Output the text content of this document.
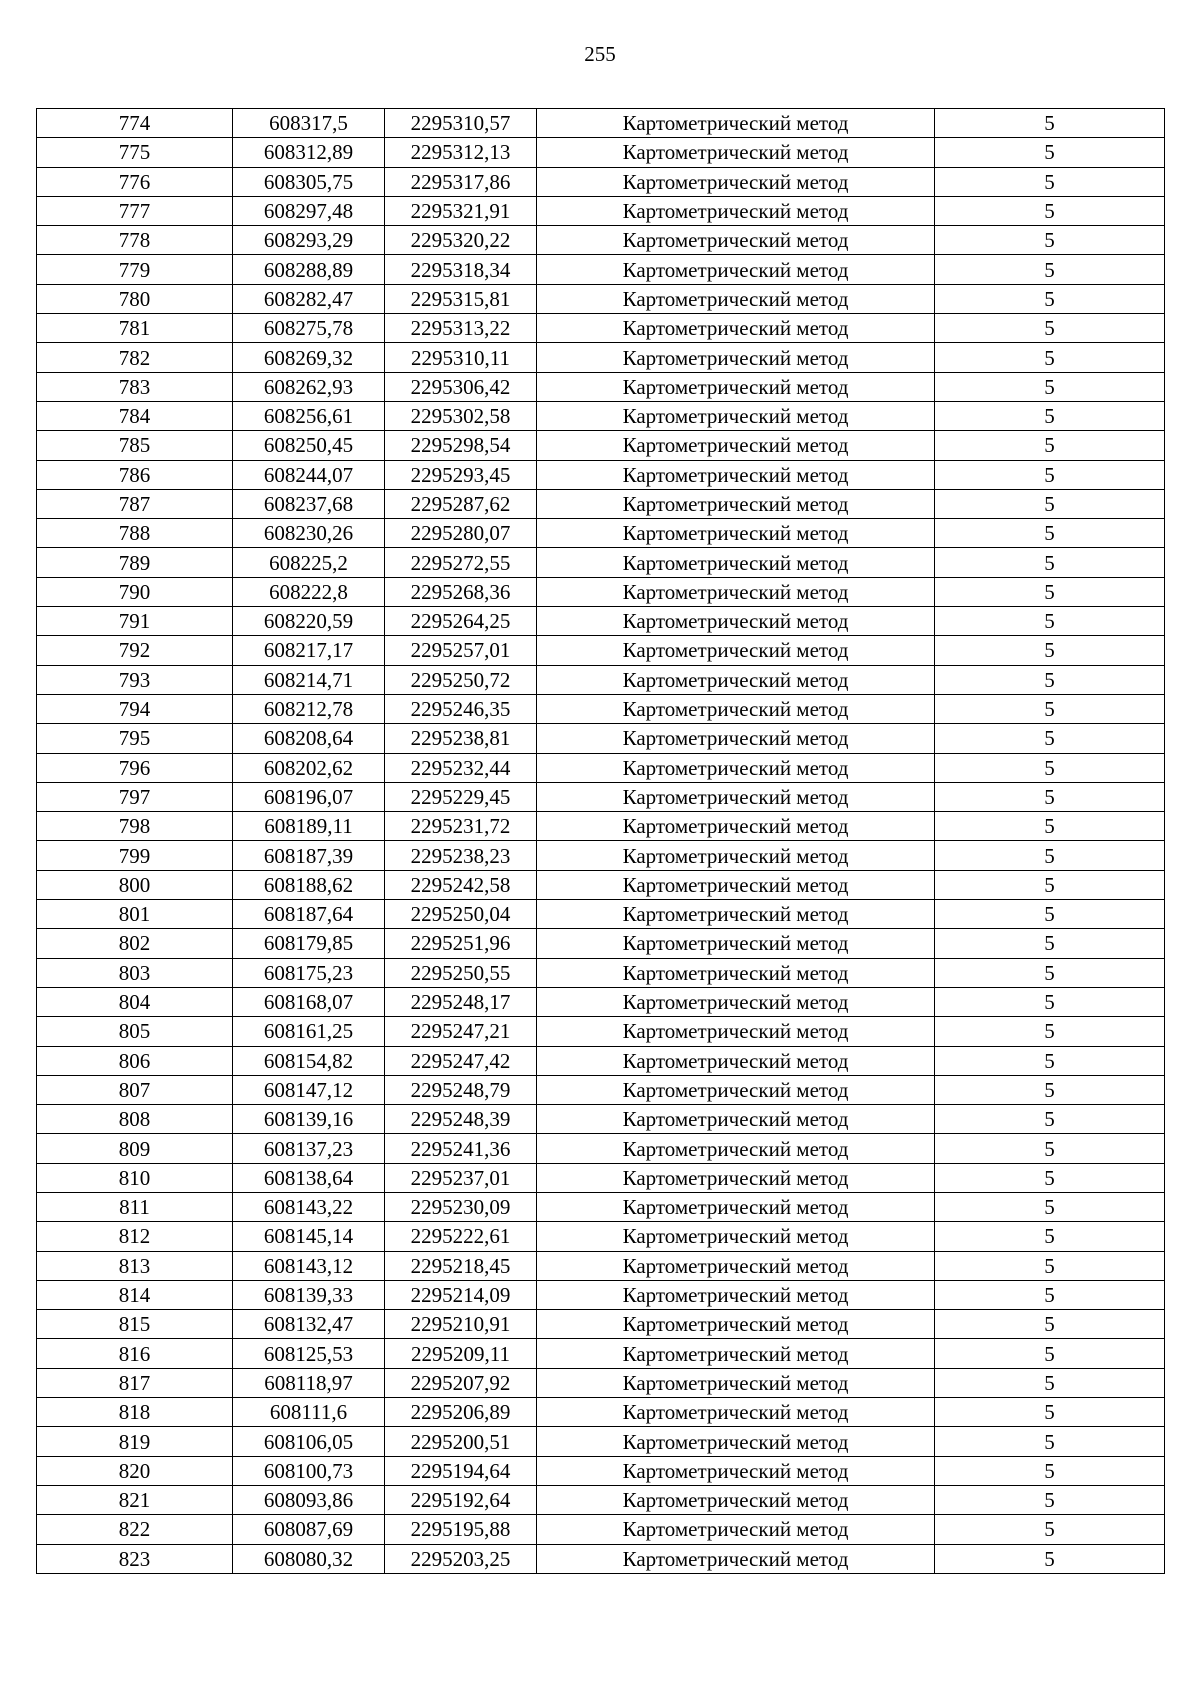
255
774	608317,5	2295310,57	Картометрический метод	5
775	608312,89	2295312,13	Картометрический метод	5
776	608305,75	2295317,86	Картометрический метод	5
777	608297,48	2295321,91	Картометрический метод	5
778	608293,29	2295320,22	Картометрический метод	5
779	608288,89	2295318,34	Картометрический метод	5
780	608282,47	2295315,81	Картометрический метод	5
781	608275,78	2295313,22	Картометрический метод	5
782	608269,32	2295310,11	Картометрический метод	5
783	608262,93	2295306,42	Картометрический метод	5
784	608256,61	2295302,58	Картометрический метод	5
785	608250,45	2295298,54	Картометрический метод	5
786	608244,07	2295293,45	Картометрический метод	5
787	608237,68	2295287,62	Картометрический метод	5
788	608230,26	2295280,07	Картометрический метод	5
789	608225,2	2295272,55	Картометрический метод	5
790	608222,8	2295268,36	Картометрический метод	5
791	608220,59	2295264,25	Картометрический метод	5
792	608217,17	2295257,01	Картометрический метод	5
793	608214,71	2295250,72	Картометрический метод	5
794	608212,78	2295246,35	Картометрический метод	5
795	608208,64	2295238,81	Картометрический метод	5
796	608202,62	2295232,44	Картометрический метод	5
797	608196,07	2295229,45	Картометрический метод	5
798	608189,11	2295231,72	Картометрический метод	5
799	608187,39	2295238,23	Картометрический метод	5
800	608188,62	2295242,58	Картометрический метод	5
801	608187,64	2295250,04	Картометрический метод	5
802	608179,85	2295251,96	Картометрический метод	5
803	608175,23	2295250,55	Картометрический метод	5
804	608168,07	2295248,17	Картометрический метод	5
805	608161,25	2295247,21	Картометрический метод	5
806	608154,82	2295247,42	Картометрический метод	5
807	608147,12	2295248,79	Картометрический метод	5
808	608139,16	2295248,39	Картометрический метод	5
809	608137,23	2295241,36	Картометрический метод	5
810	608138,64	2295237,01	Картометрический метод	5
811	608143,22	2295230,09	Картометрический метод	5
812	608145,14	2295222,61	Картометрический метод	5
813	608143,12	2295218,45	Картометрический метод	5
814	608139,33	2295214,09	Картометрический метод	5
815	608132,47	2295210,91	Картометрический метод	5
816	608125,53	2295209,11	Картометрический метод	5
817	608118,97	2295207,92	Картометрический метод	5
818	608111,6	2295206,89	Картометрический метод	5
819	608106,05	2295200,51	Картометрический метод	5
820	608100,73	2295194,64	Картометрический метод	5
821	608093,86	2295192,64	Картометрический метод	5
822	608087,69	2295195,88	Картометрический метод	5
823	608080,32	2295203,25	Картометрический метод	5
